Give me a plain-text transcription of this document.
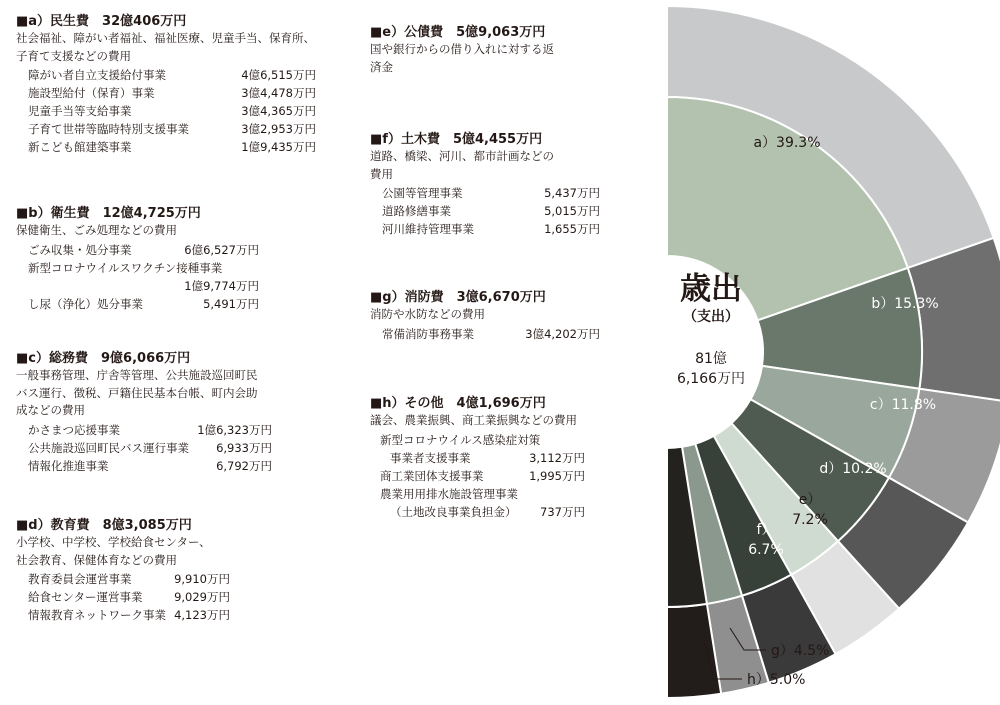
■a）民生費　32億406万円
社会福祉、障がい者福祉、福祉医療、児童手当、保育所、
子育て支援などの費用
障がい者自立支援給付事業	4億6,515万円
施設型給付（保育）事業	3億4,478万円
児童手当等支給事業	3億4,365万円
子育て世帯等臨時特別支援事業	3億2,953万円
新こども館建築事業	1億9,435万円
■b）衛生費　12億4,725万円
保健衛生、ごみ処理などの費用
ごみ収集・処分事業	6億6,527万円
新型コロナウイルスワクチン接種事業
1億9,774万円
し尿（浄化）処分事業	5,491万円
■c）総務費　9億6,066万円
一般事務管理、庁舎等管理、公共施設巡回町民
バス運行、徴税、戸籍住民基本台帳、町内会助
成などの費用
かさまつ応援事業	1億6,323万円
公共施設巡回町民バス運行事業 6,933万円
情報化推進事業	6,792万円
■d）教育費　8億3,085万円
小学校、中学校、学校給食センター、
社会教育、保健体育などの費用
教育委員会運営事業	9,910万円
給食センター運営事業	9,029万円
情報教育ネットワーク事業 4,123万円
■e）公債費　5億9,063万円
国や銀行からの借り入れに対する返
済金
■f）土木費　5億4,455万円
道路、橋梁、河川、都市計画などの
費用
公園等管理事業	5,437万円
道路修繕事業	5,015万円
河川維持管理事業	1,655万円
■g）消防費　3億6,670万円
消防や水防などの費用
常備消防事務事業	3億4,202万円
■h）その他　4億1,696万円
議会、農業振興、商工業振興などの費用
新型コロナウイルス感染症対策
事業者支援事業	3,112万円
商工業団体支援事業	1,995万円
農業用用排水施設管理事業
（土地改良事業負担金） 737万円
a）39.3%
b）15.3%
c）11.8%
d）10.2%
e）
7.2%
f）
6.7%
g）4.5%
h）5.0%
歳出
（支出）
81億
6,166万円
